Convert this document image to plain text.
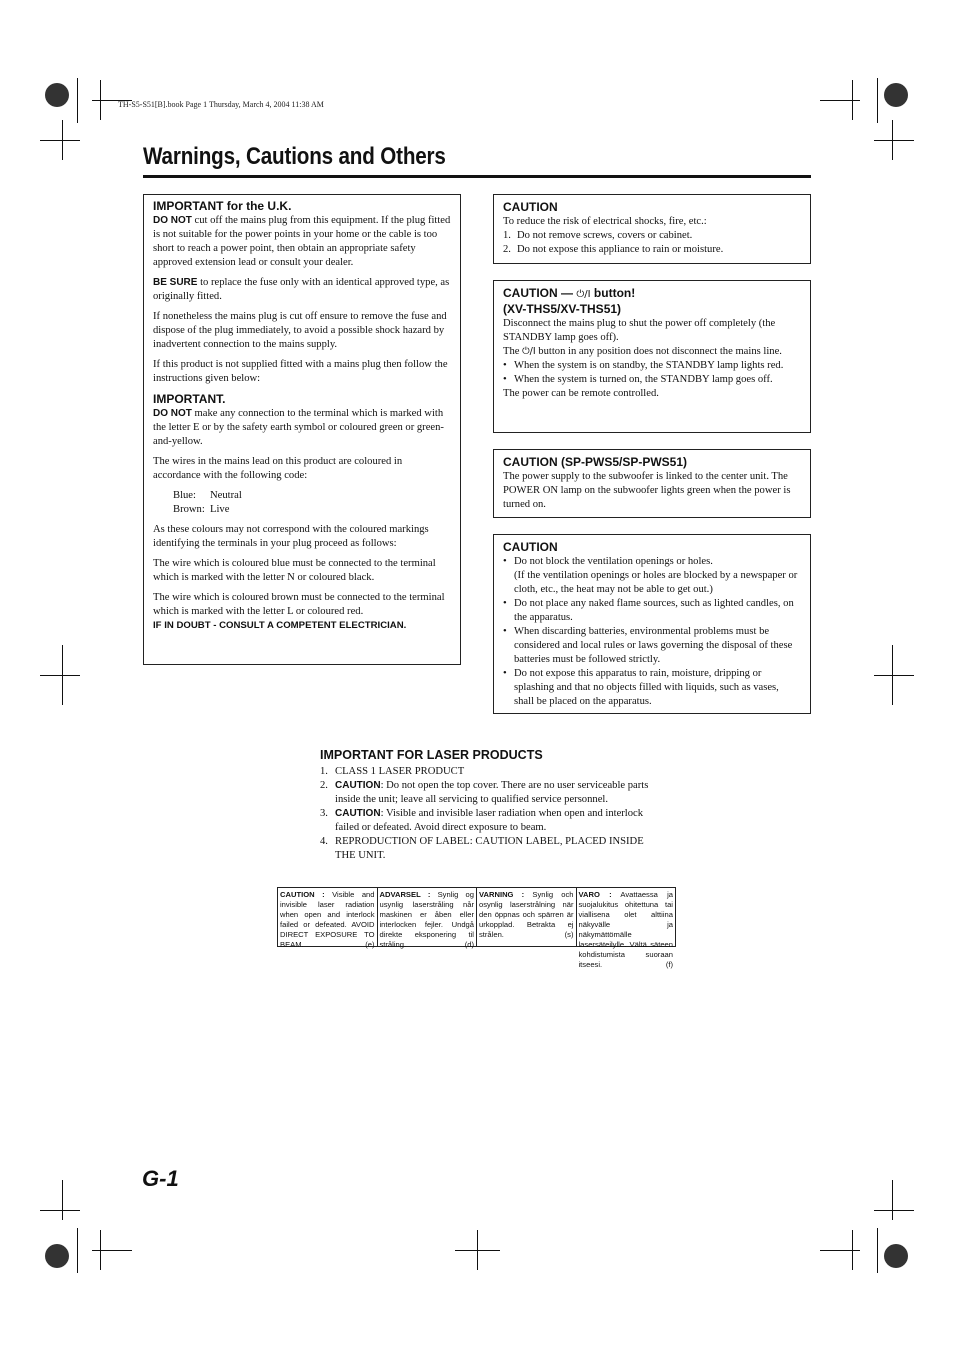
TH-S5-S51[B].book Page 1 Thursday, March 4, 2004 11:38 AM
Warnings, Cautions and Others
IMPORTANT for the U.K.

DO NOT cut off the mains plug from this equipment. If the plug fitted is not suitable for the power points in your home or the cable is too short to reach a power point, then obtain an appropriate safety approved extension lead or consult your dealer.

BE SURE to replace the fuse only with an identical approved type, as originally fitted.

If nonetheless the mains plug is cut off ensure to remove the fuse and dispose of the plug immediately, to avoid a possible shock hazard by inadvertent connection to the mains supply.

If this product is not supplied fitted with a mains plug then follow the instructions given below:

IMPORTANT.

DO NOT make any connection to the terminal which is marked with the letter E or by the safety earth symbol or coloured green or green-and-yellow.

The wires in the mains lead on this product are coloured in accordance with the following code:

Blue: Neutral
Brown: Live

As these colours may not correspond with the coloured markings identifying the terminals in your plug proceed as follows:

The wire which is coloured blue must be connected to the terminal which is marked with the letter N or coloured black.

The wire which is coloured brown must be connected to the terminal which is marked with the letter L or coloured red.

IF IN DOUBT - CONSULT A COMPETENT ELECTRICIAN.
CAUTION

To reduce the risk of electrical shocks, fire, etc.:

1. Do not remove screws, covers or cabinet.
2. Do not expose this appliance to rain or moisture.
CAUTION — ⏻/I button!
(XV-THS5/XV-THS51)

Disconnect the mains plug to shut the power off completely (the STANDBY lamp goes off).

The ⏻/I button in any position does not disconnect the mains line.

• When the system is on standby, the STANDBY lamp lights red.
• When the system is turned on, the STANDBY lamp goes off.

The power can be remote controlled.

CAUTION (SP-PWS5/SP-PWS51)

The power supply to the subwoofer is linked to the center unit. The POWER ON lamp on the subwoofer lights green when the power is turned on.

CAUTION
• Do not block the ventilation openings or holes.
(If the ventilation openings or holes are blocked by a newspaper or cloth, etc., the heat may not be able to get out.)
• Do not place any naked flame sources, such as lighted candles, on the apparatus.
• When discarding batteries, environmental problems must be considered and local rules or laws governing the disposal of these batteries must be followed strictly.
• Do not expose this apparatus to rain, moisture, dripping or splashing and that no objects filled with liquids, such as vases, shall be placed on the apparatus.
IMPORTANT FOR LASER PRODUCTS
1. CLASS 1 LASER PRODUCT
2. CAUTION: Do not open the top cover. There are no user serviceable parts inside the unit; leave all servicing to qualified service personnel.
3. CAUTION: Visible and invisible laser radiation when open and interlock failed or defeated. Avoid direct exposure to beam.
4. REPRODUCTION OF LABEL: CAUTION LABEL, PLACED INSIDE THE UNIT.
CAUTION : Visible and invisible laser radiation when open and interlock failed or defeated. AVOID DIRECT EXPOSURE TO BEAM.	(e)
ADVARSEL : Synlig og usynlig laserstråling når maskinen er åben eller interlocken fejler. Undgå direkte eksponering til stråling.	(d)
VARNING : Synlig och osynlig laserstrålning när den öppnas och spärren är urkopplad. Betrakta ej strålen.	(s)
VARO : Avattaessa ja suojalukitus ohitettuna tai viallisena olet alttiina näkyvälle ja näkymättömälle lasersäteilylle. Vältä säteen kohdistumista suoraan itseesi.	(f)
G-1
